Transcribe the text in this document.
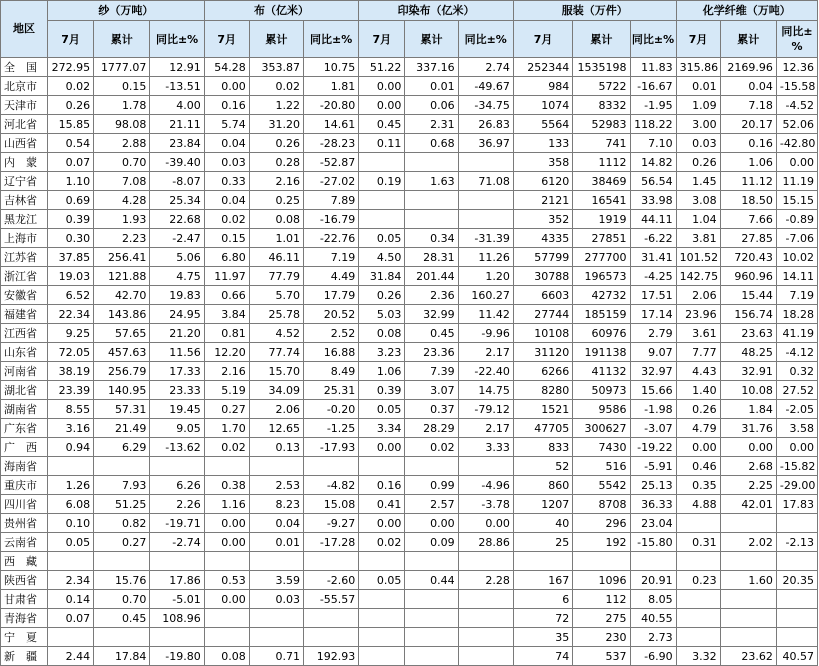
地区	纱（万吨）			布（亿米）			印染布（亿米）			服装（万件）			化学纤维（万吨）		
	7月	累计	同比±%	7月	累计	同比±%	7月	累计	同比±%	7月	累计	同比±%	7月	累计	同比±%
全　国	272.95	1777.07	12.91	54.28	353.87	10.75	51.22	337.16	2.74	252344	1535198	11.83	315.86	2169.96	12.36
北京市	0.02	0.15	-13.51	0.00	0.02	1.81	0.00	0.01	-49.67	984	5722	-16.67	0.01	0.04	-15.58
天津市	0.26	1.78	4.00	0.16	1.22	-20.80	0.00	0.06	-34.75	1074	8332	-1.95	1.09	7.18	-4.52
河北省	15.85	98.08	21.11	5.74	31.20	14.61	0.45	2.31	26.83	5564	52983	118.22	3.00	20.17	52.06
山西省	0.54	2.88	23.84	0.04	0.26	-28.23	0.11	0.68	36.97	133	741	7.10	0.03	0.16	-42.80
内　蒙	0.07	0.70	-39.40	0.03	0.28	-52.87				358	1112	14.82	0.26	1.06	0.00
辽宁省	1.10	7.08	-8.07	0.33	2.16	-27.02	0.19	1.63	71.08	6120	38469	56.54	1.45	11.12	11.19
吉林省	0.69	4.28	25.34	0.04	0.25	7.89				2121	16541	33.98	3.08	18.50	15.15
黑龙江	0.39	1.93	22.68	0.02	0.08	-16.79				352	1919	44.11	1.04	7.66	-0.89
上海市	0.30	2.23	-2.47	0.15	1.01	-22.76	0.05	0.34	-31.39	4335	27851	-6.22	3.81	27.85	-7.06
江苏省	37.85	256.41	5.06	6.80	46.11	7.19	4.50	28.31	11.26	57799	277700	31.41	101.52	720.43	10.02
浙江省	19.03	121.88	4.75	11.97	77.79	4.49	31.84	201.44	1.20	30788	196573	-4.25	142.75	960.96	14.11
安徽省	6.52	42.70	19.83	0.66	5.70	17.79	0.26	2.36	160.27	6603	42732	17.51	2.06	15.44	7.19
福建省	22.34	143.86	24.95	3.84	25.78	20.52	5.03	32.99	11.42	27744	185159	17.14	23.96	156.74	18.28
江西省	9.25	57.65	21.20	0.81	4.52	2.52	0.08	0.45	-9.96	10108	60976	2.79	3.61	23.63	41.19
山东省	72.05	457.63	11.56	12.20	77.74	16.88	3.23	23.36	2.17	31120	191138	9.07	7.77	48.25	-4.12
河南省	38.19	256.79	17.33	2.16	15.70	8.49	1.06	7.39	-22.40	6266	41132	32.97	4.43	32.91	0.32
湖北省	23.39	140.95	23.33	5.19	34.09	25.31	0.39	3.07	14.75	8280	50973	15.66	1.40	10.08	27.52
湖南省	8.55	57.31	19.45	0.27	2.06	-0.20	0.05	0.37	-79.12	1521	9586	-1.98	0.26	1.84	-2.05
广东省	3.16	21.49	9.05	1.70	12.65	-1.25	3.34	28.29	2.17	47705	300627	-3.07	4.79	31.76	3.58
广　西	0.94	6.29	-13.62	0.02	0.13	-17.93	0.00	0.02	3.33	833	7430	-19.22	0.00	0.00	0.00
海南省										52	516	-5.91	0.46	2.68	-15.82
重庆市	1.26	7.93	6.26	0.38	2.53	-4.82	0.16	0.99	-4.96	860	5542	25.13	0.35	2.25	-29.00
四川省	6.08	51.25	2.26	1.16	8.23	15.08	0.41	2.57	-3.78	1207	8708	36.33	4.88	42.01	17.83
贵州省	0.10	0.82	-19.71	0.00	0.04	-9.27	0.00	0.00	0.00	40	296	23.04			
云南省	0.05	0.27	-2.74	0.00	0.01	-17.28	0.02	0.09	28.86	25	192	-15.80	0.31	2.02	-2.13
西　藏															
陕西省	2.34	15.76	17.86	0.53	3.59	-2.60	0.05	0.44	2.28	167	1096	20.91	0.23	1.60	20.35
甘肃省	0.14	0.70	-5.01	0.00	0.03	-55.57				6	112	8.05			
青海省	0.07	0.45	108.96							72	275	40.55			
宁　夏										35	230	2.73			
新　疆	2.44	17.84	-19.80	0.08	0.71	192.93				74	537	-6.90	3.32	23.62	40.57
